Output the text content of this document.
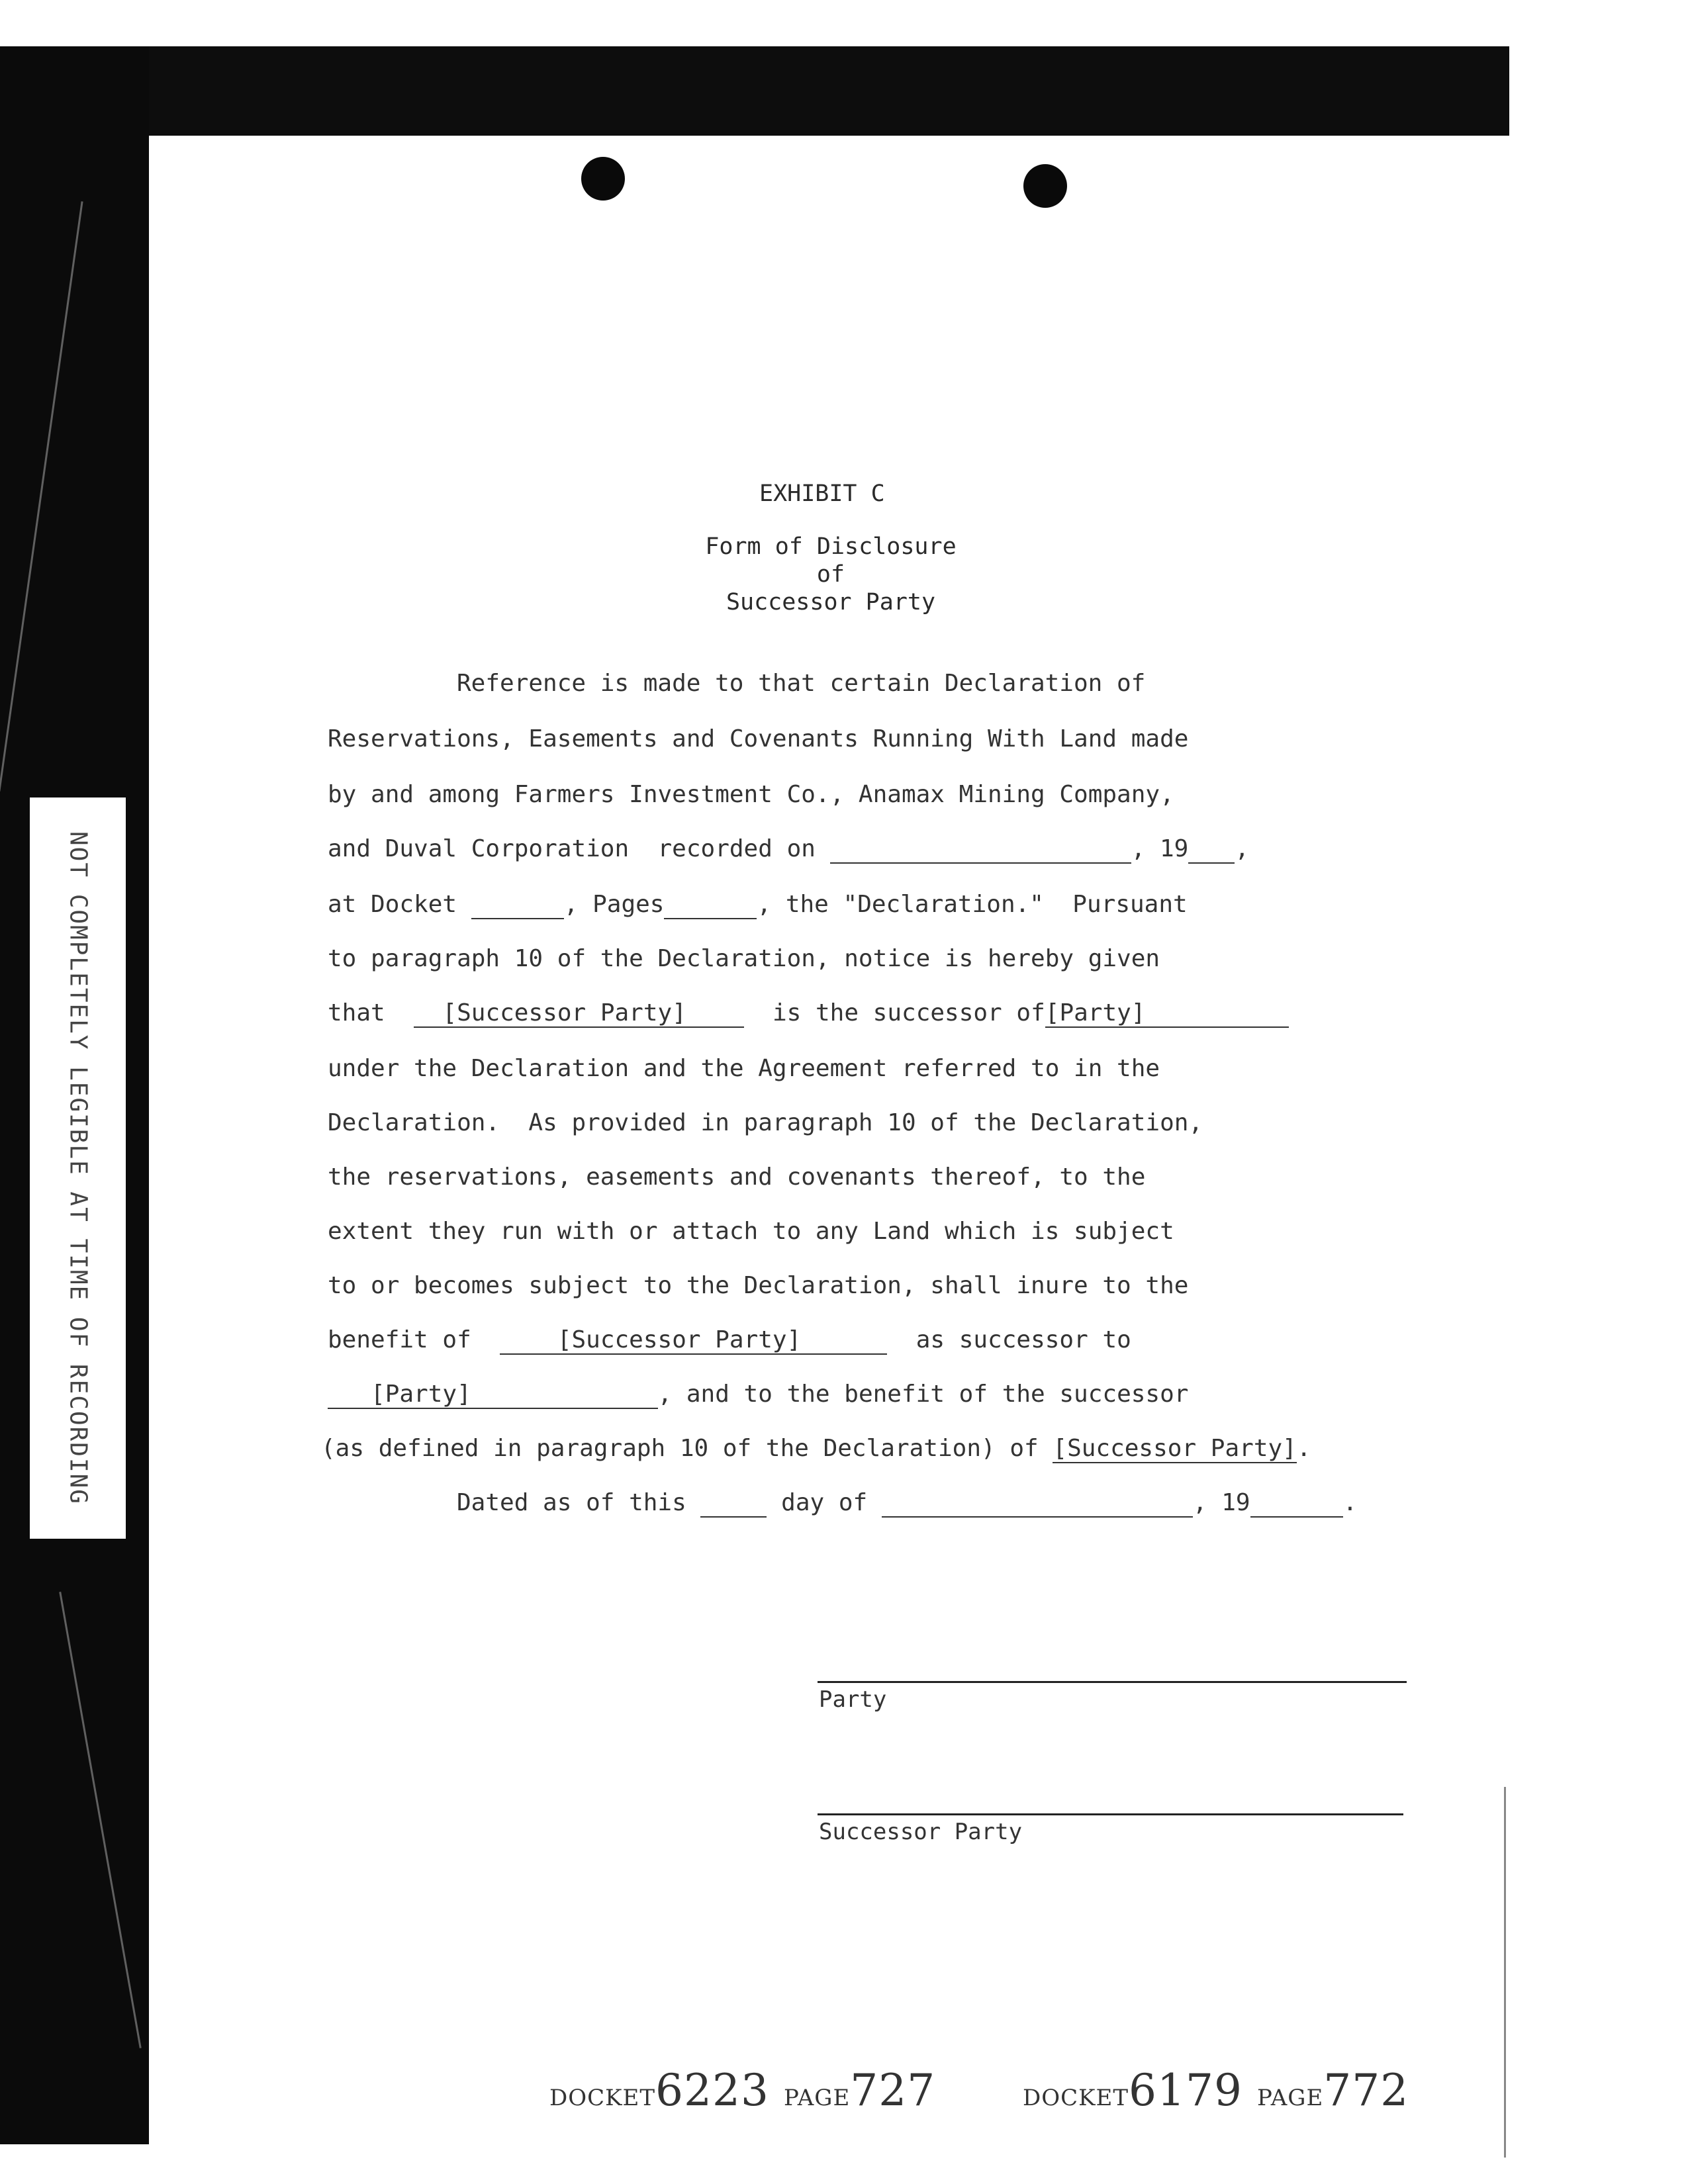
NOT COMPLETELY LEGIBLE AT TIME OF RECORDING
EXHIBIT C
Form of Disclosure
of
Successor Party
Reference is made to that certain Declaration of
Reservations, Easements and Covenants Running With Land made
by and among Farmers Investment Co., Anamax Mining Company,
and Duval Corporation  recorded on	, 19 ,
at Docket	, Pages	, the "Declaration."  Pursuant
to paragraph 10 of the Declaration, notice is hereby given
that [Successor Party]	is the successor of[Party]
under the Declaration and the Agreement referred to in the
Declaration.  As provided in paragraph 10 of the Declaration,
the reservations, easements and covenants thereof, to the
extent they run with or attach to any Land which is subject
to or becomes subject to the Declaration, shall inure to the
benefit of	[Successor Party]	as successor to
[Party]	, and to the benefit of the successor
(as defined in paragraph 10 of the Declaration) of [Successor Party].
Dated as of this	day of	, 19	.
Party
Successor Party
DOCKET6223 PAGE727	DOCKET6179 PAGE772
